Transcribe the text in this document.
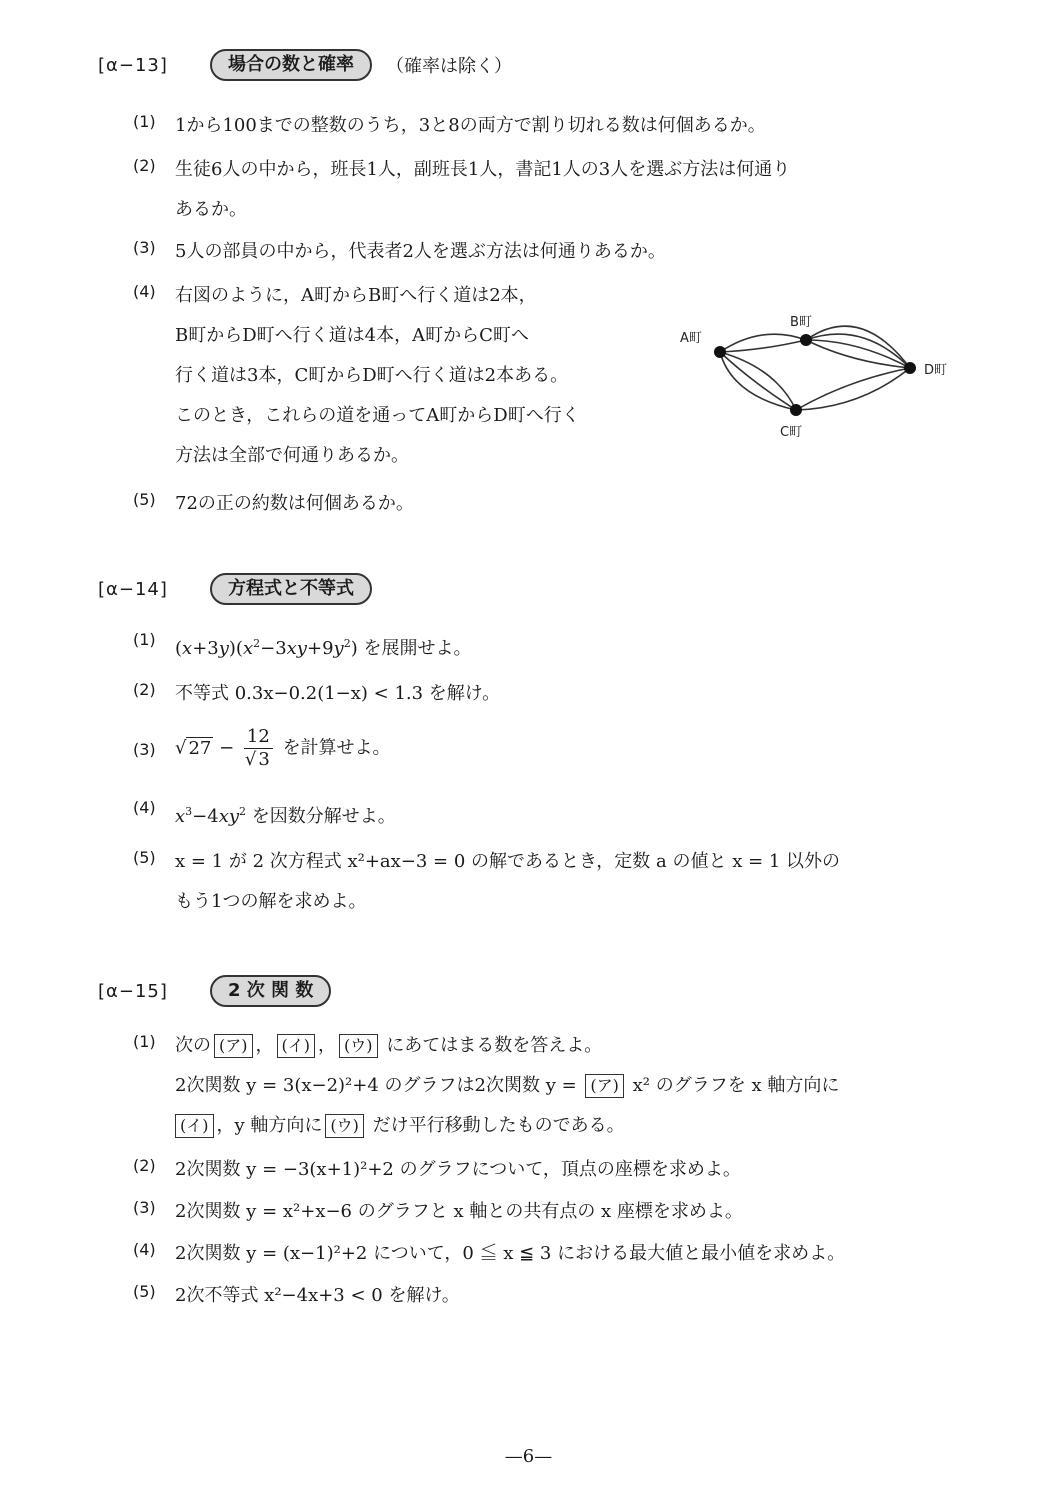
[α−13]	場合の数と確率	（確率は除く）
(1)	1から100までの整数のうち，3と8の両方で割り切れる数は何個あるか。
(2)	生徒6人の中から，班長1人，副班長1人，書記1人の3人を選ぶ方法は何通り
あるか。
(3)	5人の部員の中から，代表者2人を選ぶ方法は何通りあるか。
(4)	右図のように，A町からB町へ行く道は2本，
B町からD町へ行く道は4本，A町からC町へ
行く道は3本，C町からD町へ行く道は2本ある。
このとき，これらの道を通ってA町からD町へ行く
方法は全部で何通りあるか。
A町
B町
C町
D町
(5)	72の正の約数は何個あるか。
[α−14]	方程式と不等式
(1)	$(x+3y)(x^2-3xy+9y^2)$ を展開せよ。
(2)	不等式 0.3x−0.2(1−x) < 1.3 を解け。
(3)	√ $27 - \frac{12}{√ 3}$ を計算せよ。
(4)	$x^3-4xy^2$ を因数分解せよ。
(5)	x = 1 が 2 次方程式 x²+ax−3 = 0 の解であるとき，定数 a の値と x = 1 以外の
もう1つの解を求めよ。
[α−15]	2 次 関 数
(1)	次の (ア) ， (イ) ， (ウ) にあてはまる数を答えよ。
2次関数 y = 3(x−2)²+4 のグラフは2次関数 y = (ア) x² のグラフを x 軸方向に
(イ) ，y 軸方向に (ウ) だけ平行移動したものである。
(2)	2次関数 y = −3(x+1)²+2 のグラフについて，頂点の座標を求めよ。
(3)	2次関数 y = x²+x−6 のグラフと x 軸との共有点の x 座標を求めよ。
(4)	2次関数 y = (x−1)²+2 について，0 ≦ x ≦ 3 における最大値と最小値を求めよ。
(5)	2次不等式 x²−4x+3 < 0 を解け。
—6—
